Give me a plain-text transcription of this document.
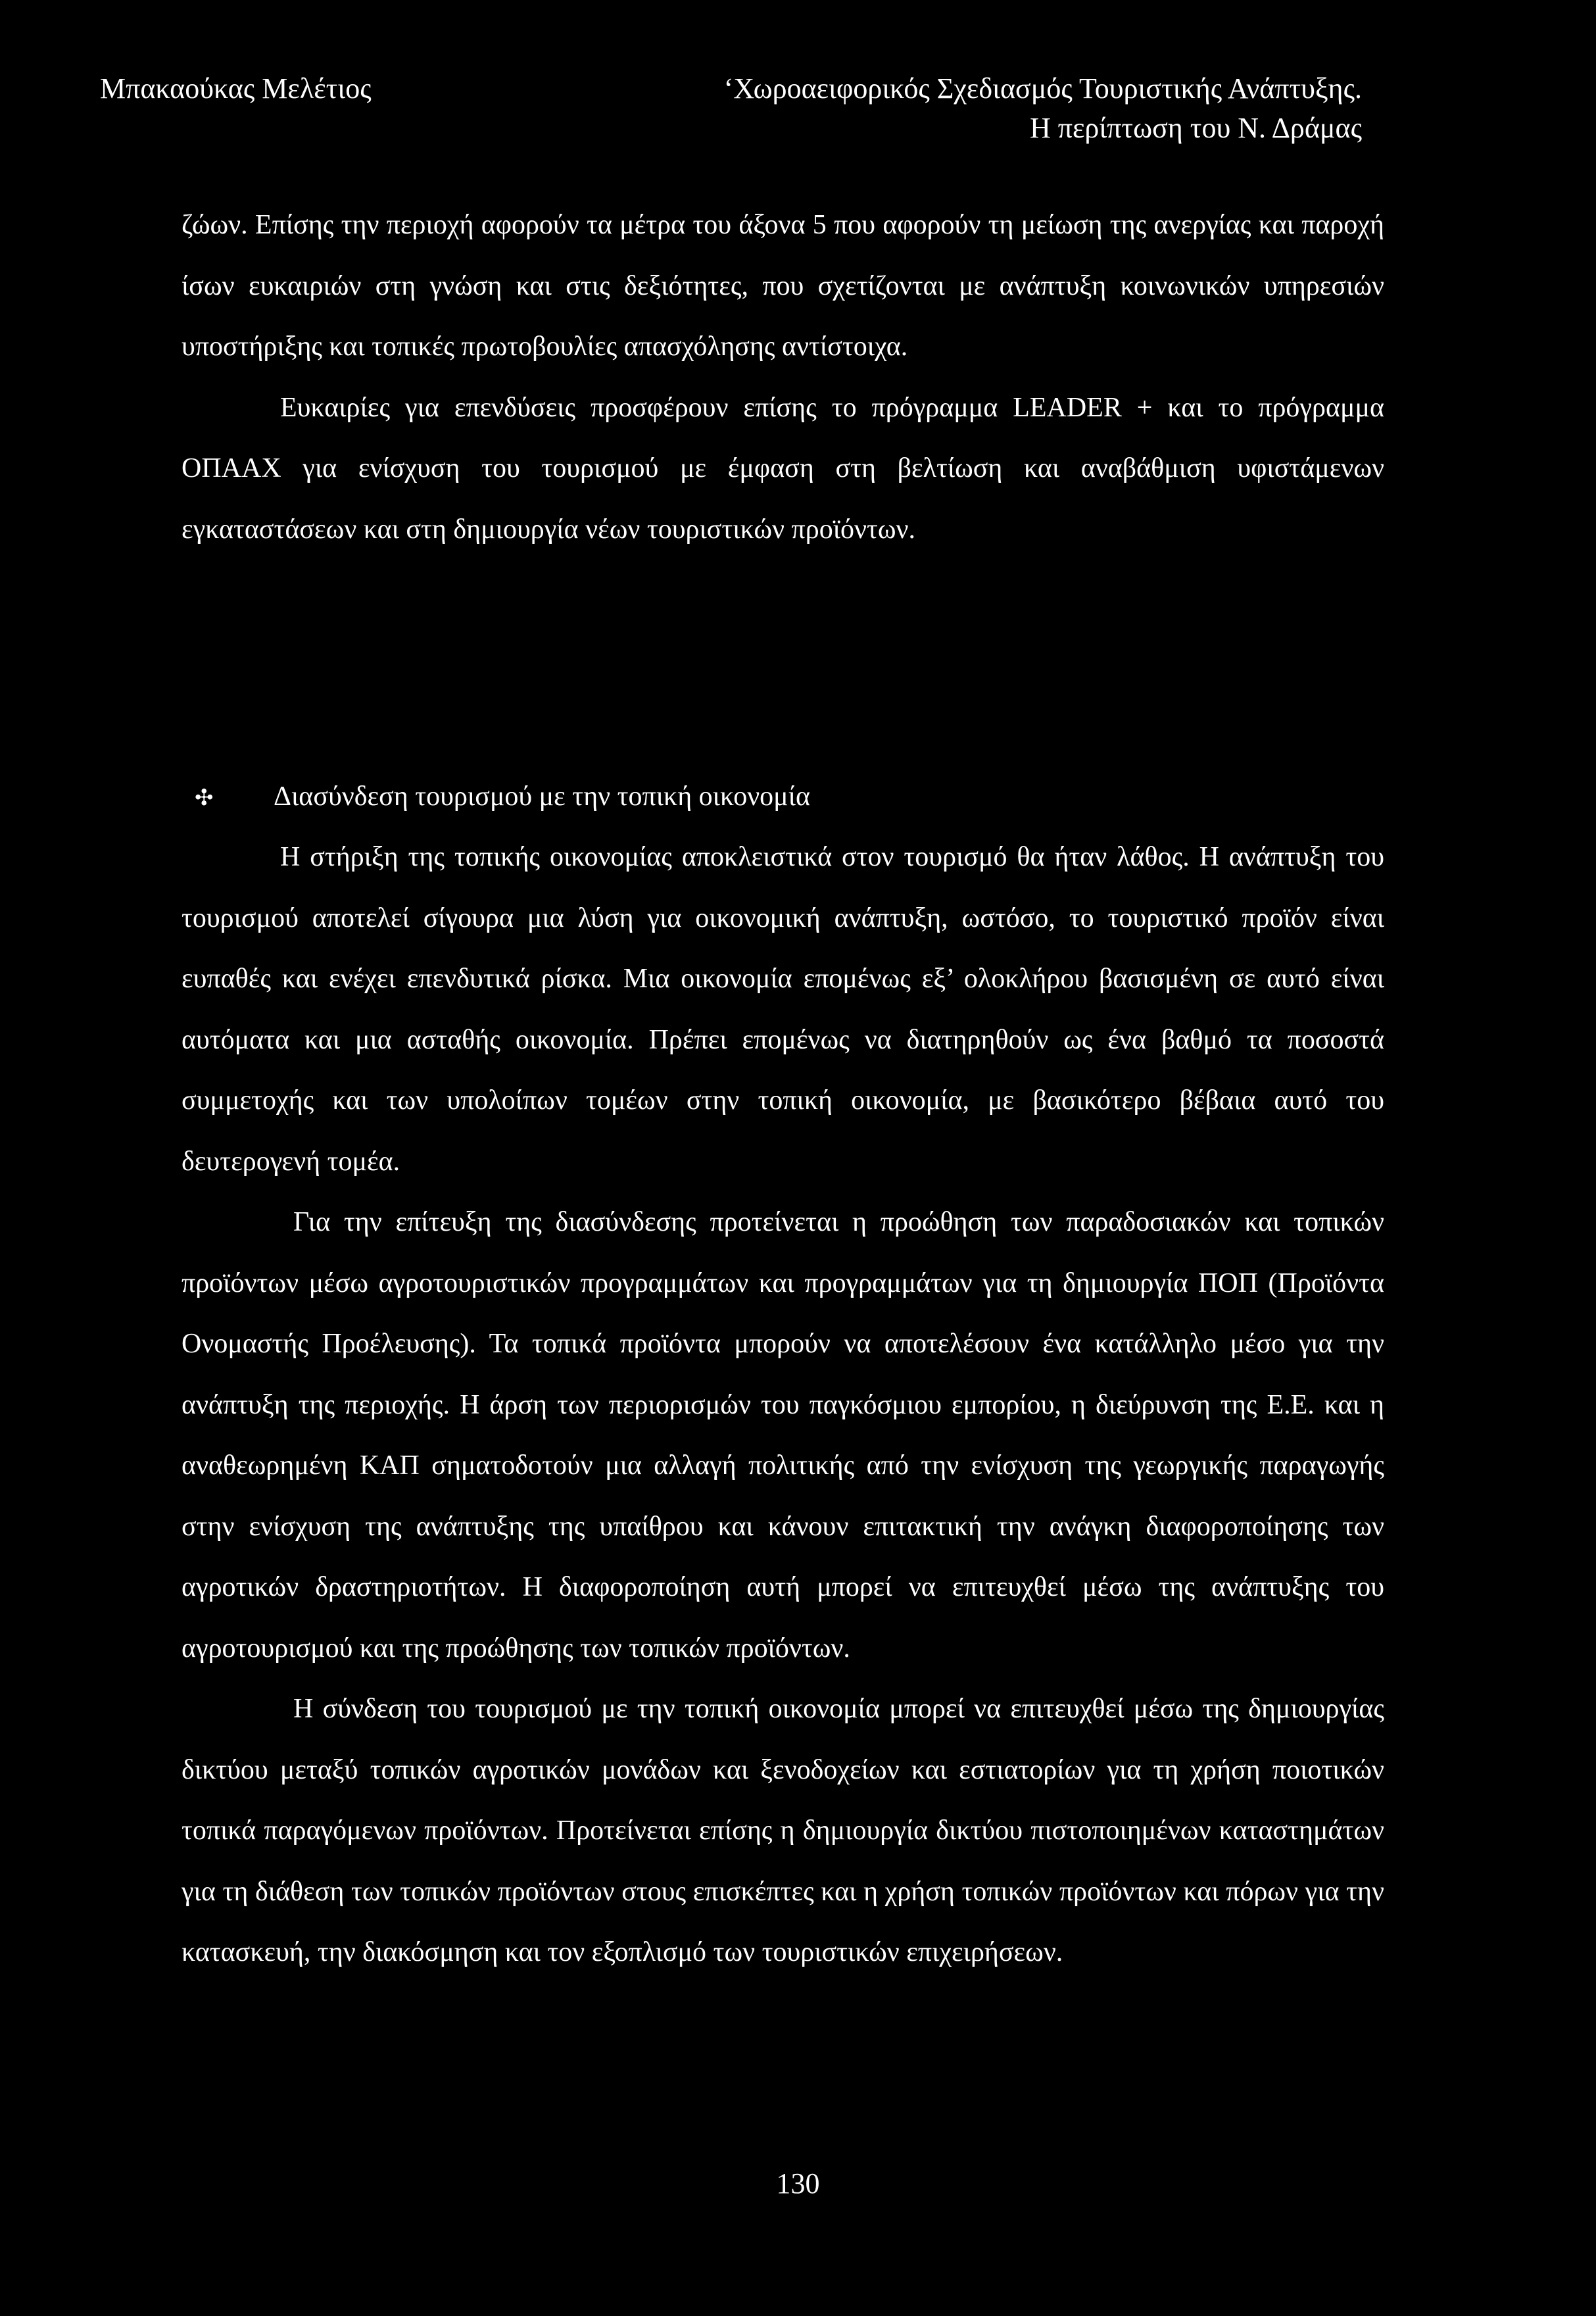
Μπακαούκας Μελέτιος	‘Χωροαειφορικός Σχεδιασμός Τουριστικής Ανάπτυξης.
Η περίπτωση του Ν. Δράμας

ζώων. Επίσης την περιοχή αφορούν τα μέτρα του άξονα 5 που αφορούν τη μείωση της ανεργίας και παροχή ίσων ευκαιριών στη γνώση και στις δεξιότητες, που σχετίζονται με ανάπτυξη κοινωνικών υπηρεσιών υποστήριξης και τοπικές πρωτοβουλίες απασχόλησης αντίστοιχα.

Ευκαιρίες για επενδύσεις προσφέρουν επίσης το πρόγραμμα LEADER + και το πρόγραμμα ΟΠΑΑΧ για ενίσχυση του τουρισμού με έμφαση στη βελτίωση και αναβάθμιση υφιστάμενων εγκαταστάσεων και στη δημιουργία νέων τουριστικών προϊόντων.

✣ Διασύνδεση τουρισμού με την τοπική οικονομία

Η στήριξη της τοπικής οικονομίας αποκλειστικά στον τουρισμό θα ήταν λάθος. Η ανάπτυξη του τουρισμού αποτελεί σίγουρα μια λύση για οικονομική ανάπτυξη, ωστόσο, το τουριστικό προϊόν είναι ευπαθές και ενέχει επενδυτικά ρίσκα. Μια οικονομία επομένως εξ’ ολοκλήρου βασισμένη σε αυτό είναι αυτόματα και μια ασταθής οικονομία. Πρέπει επομένως να διατηρηθούν ως ένα βαθμό τα ποσοστά συμμετοχής και των υπολοίπων τομέων στην τοπική οικονομία, με βασικότερο βέβαια αυτό του δευτερογενή τομέα.

Για την επίτευξη της διασύνδεσης προτείνεται η προώθηση των παραδοσιακών και τοπικών προϊόντων μέσω αγροτουριστικών προγραμμάτων και προγραμμάτων για τη δημιουργία ΠΟΠ (Προϊόντα Ονομαστής Προέλευσης). Τα τοπικά προϊόντα μπορούν να αποτελέσουν ένα κατάλληλο μέσο για την ανάπτυξη της περιοχής. Η άρση των περιορισμών του παγκόσμιου εμπορίου, η διεύρυνση της Ε.Ε. και η αναθεωρημένη ΚΑΠ σηματοδοτούν μια αλλαγή πολιτικής από την ενίσχυση της γεωργικής παραγωγής στην ενίσχυση της ανάπτυξης της υπαίθρου και κάνουν επιτακτική την ανάγκη διαφοροποίησης των αγροτικών δραστηριοτήτων. Η διαφοροποίηση αυτή μπορεί να επιτευχθεί μέσω της ανάπτυξης του αγροτουρισμού και της προώθησης των τοπικών προϊόντων.

Η σύνδεση του τουρισμού με την τοπική οικονομία μπορεί να επιτευχθεί μέσω της δημιουργίας δικτύου μεταξύ τοπικών αγροτικών μονάδων και ξενοδοχείων και εστιατορίων για τη χρήση ποιοτικών τοπικά παραγόμενων προϊόντων. Προτείνεται επίσης η δημιουργία δικτύου πιστοποιημένων καταστημάτων για τη διάθεση των τοπικών προϊόντων στους επισκέπτες και η χρήση τοπικών προϊόντων και πόρων για την κατασκευή, την διακόσμηση και τον εξοπλισμό των τουριστικών επιχειρήσεων.

130
